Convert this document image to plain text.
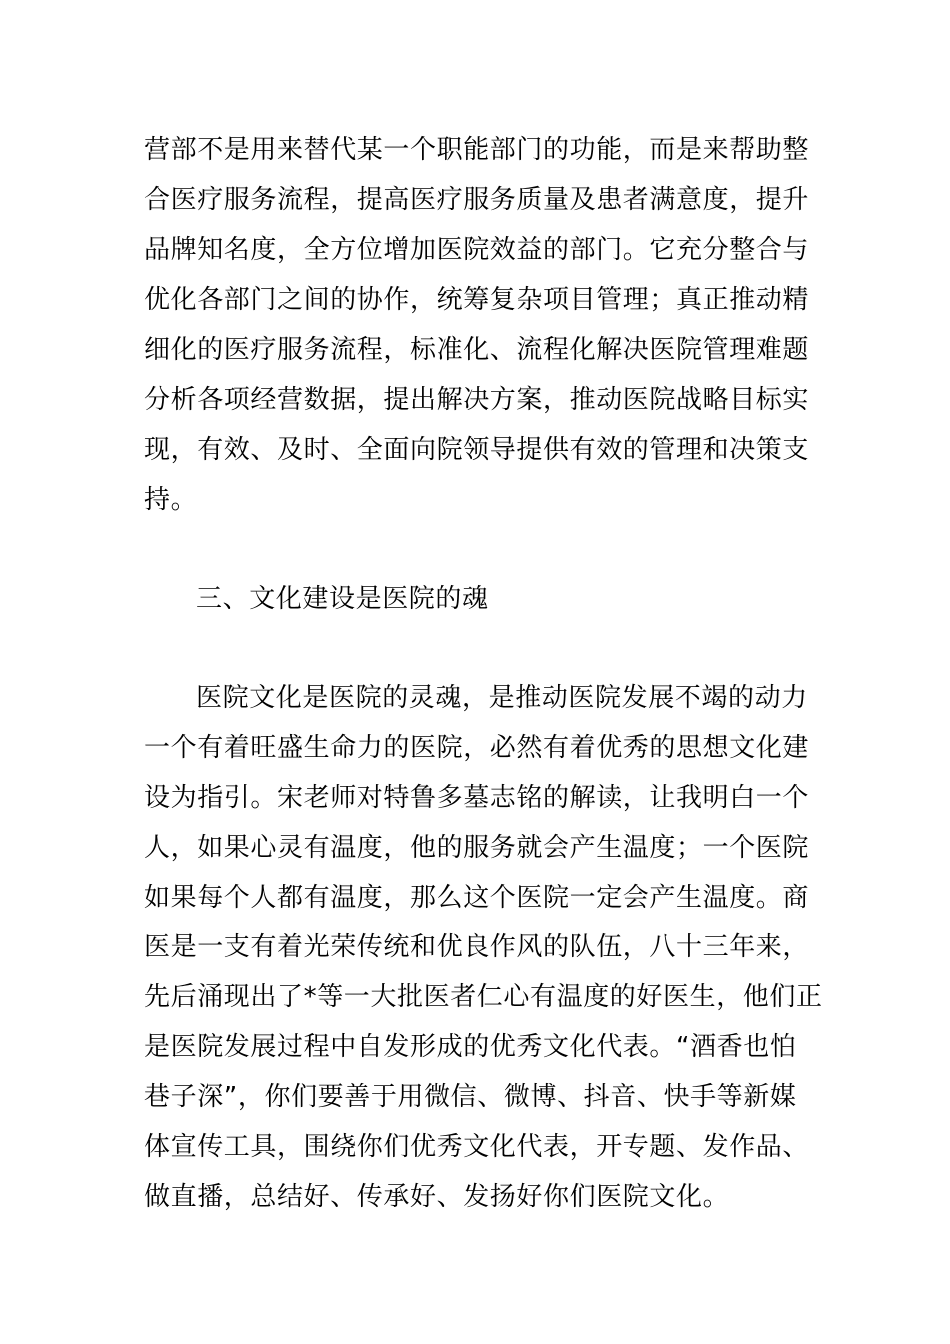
营部不是用来替代某一个职能部门的功能，而是来帮助整
合医疗服务流程，提高医疗服务质量及患者满意度，提升
品牌知名度，全方位增加医院效益的部门。它充分整合与
优化各部门之间的协作，统筹复杂项目管理；真正推动精
细化的医疗服务流程，标准化、流程化解决医院管理难题
分析各项经营数据，提出解决方案，推动医院战略目标实
现，有效、及时、全面向院领导提供有效的管理和决策支
持。
三、文化建设是医院的魂
医院文化是医院的灵魂，是推动医院发展不竭的动力
一个有着旺盛生命力的医院，必然有着优秀的思想文化建
设为指引。宋老师对特鲁多墓志铭的解读，让我明白一个
人，如果心灵有温度，他的服务就会产生温度；一个医院
如果每个人都有温度，那么这个医院一定会产生温度。商
医是一支有着光荣传统和优良作风的队伍，八十三年来，
先后涌现出了*等一大批医者仁心有温度的好医生，他们正
是医院发展过程中自发形成的优秀文化代表。“酒香也怕
巷子深”，你们要善于用微信、微博、抖音、快手等新媒
体宣传工具，围绕你们优秀文化代表，开专题、发作品、
做直播，总结好、传承好、发扬好你们医院文化。
